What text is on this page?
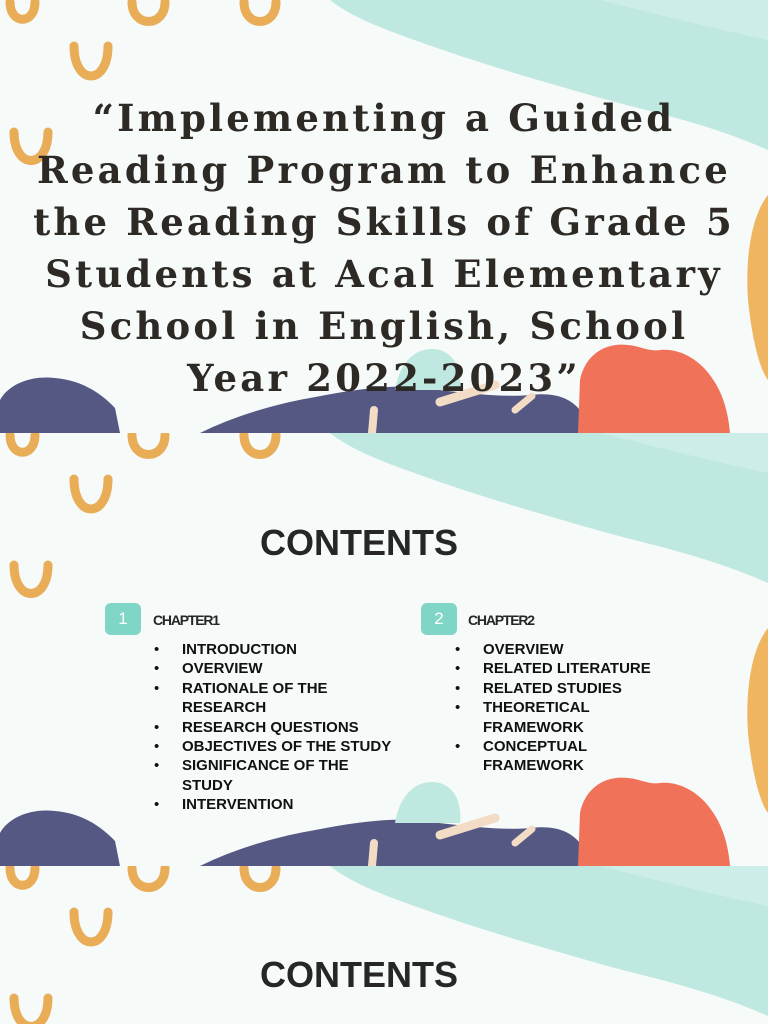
“Implementing a Guided Reading Program to Enhance the Reading Skills of Grade 5 Students at Acal Elementary School in English, School Year 2022-2023”
CONTENTS
1	CHAPTER1
• INTRODUCTION
• OVERVIEW
• RATIONALE OF THE RESEARCH
• RESEARCH QUESTIONS
• OBJECTIVES OF THE STUDY
• SIGNIFICANCE OF THE STUDY
• INTERVENTION
2	CHAPTER2
• OVERVIEW
• RELATED LITERATURE
• RELATED STUDIES
• THEORETICAL FRAMEWORK
• CONCEPTUAL FRAMEWORK
CONTENTS
